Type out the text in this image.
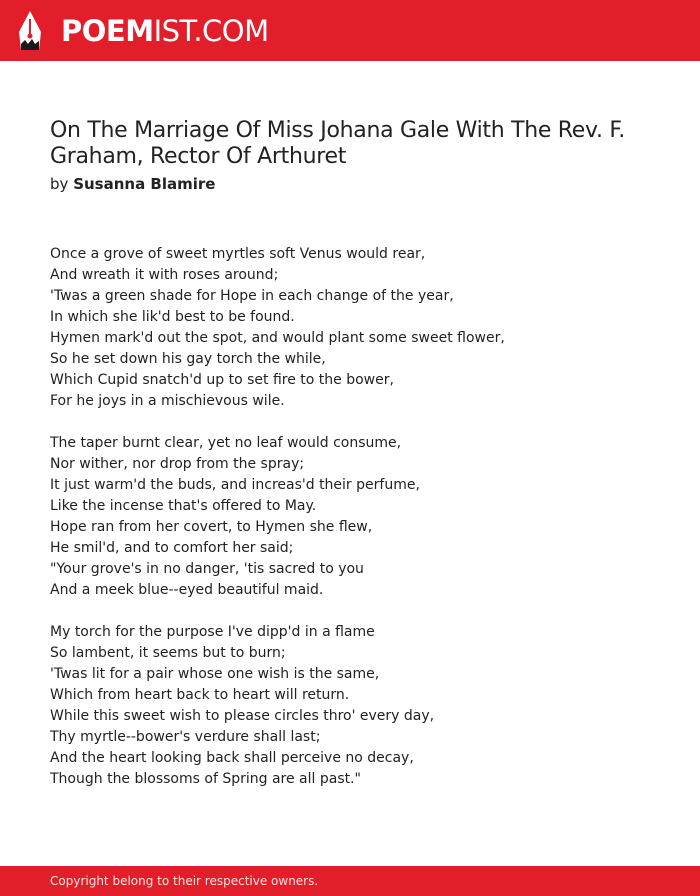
POEMIST.COM
On The Marriage Of Miss Johana Gale With The Rev. F. Graham, Rector Of Arthuret
by Susanna Blamire
Once a grove of sweet myrtles soft Venus would rear,
And wreath it with roses around;
'Twas a green shade for Hope in each change of the year,
In which she lik'd best to be found.
Hymen mark'd out the spot, and would plant some sweet flower,
So he set down his gay torch the while,
Which Cupid snatch'd up to set fire to the bower,
For he joys in a mischievous wile.
The taper burnt clear, yet no leaf would consume,
Nor wither, nor drop from the spray;
It just warm'd the buds, and increas'd their perfume,
Like the incense that's offered to May.
Hope ran from her covert, to Hymen she flew,
He smil'd, and to comfort her said;
"Your grove's in no danger, 'tis sacred to you
And a meek blue--eyed beautiful maid.
My torch for the purpose I've dipp'd in a flame
So lambent, it seems but to burn;
'Twas lit for a pair whose one wish is the same,
Which from heart back to heart will return.
While this sweet wish to please circles thro' every day,
Thy myrtle--bower's verdure shall last;
And the heart looking back shall perceive no decay,
Though the blossoms of Spring are all past."
Copyright belong to their respective owners.
